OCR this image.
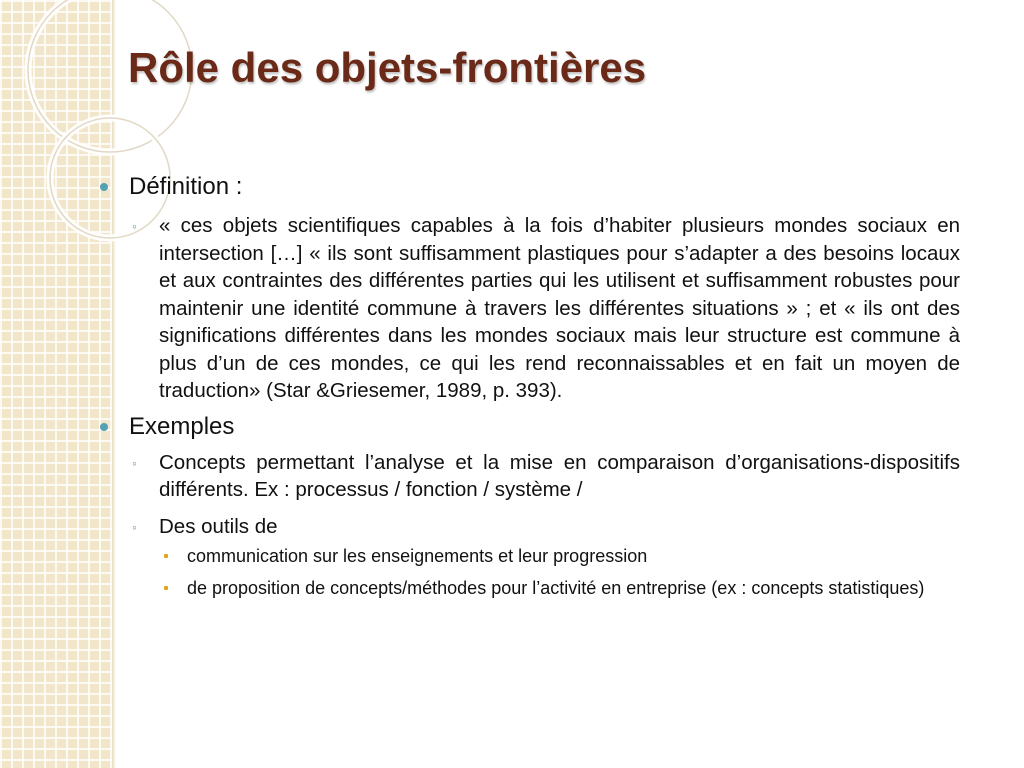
Rôle des objets-frontières
Définition :
◦ « ces objets scientifiques capables à la fois d’habiter plusieurs mondes sociaux en intersection […] « ils sont suffisamment plastiques pour s’adapter a des besoins locaux et aux contraintes des différentes parties qui les utilisent et suffisamment robustes pour maintenir une identité commune à travers les différentes situations » ; et « ils ont des significations différentes dans les mondes sociaux mais leur structure est commune à plus d’un de ces mondes, ce qui les rend reconnaissables et en fait un moyen de traduction» (Star &Griesemer, 1989, p. 393).
Exemples
◦ Concepts permettant l’analyse et la mise en comparaison d’organisations-dispositifs différents. Ex : processus / fonction / système /
◦ Des outils de
communication sur les enseignements et leur progression
de proposition de concepts/méthodes pour l’activité en entreprise (ex : concepts statistiques)
